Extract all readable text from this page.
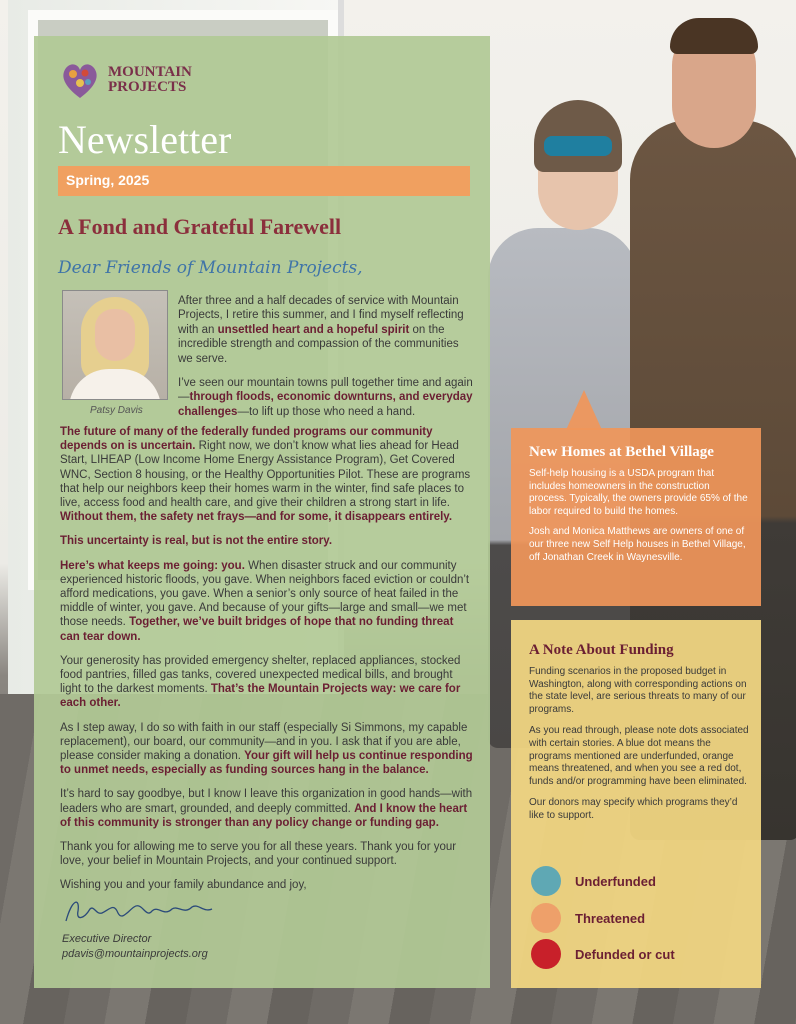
MOUNTAIN
PROJECTS
Newsletter
Spring, 2025
A Fond and Grateful Farewell
Dear Friends of Mountain Projects,
Patsy Davis

After three and a half decades of service with Mountain Projects, I retire this summer, and I find myself reflecting with an unsettled heart and a hopeful spirit on the incredible strength and compassion of the communities we serve.

I’ve seen our mountain towns pull together time and again—through floods, economic downturns, and everyday challenges—to lift up those who need a hand.

The future of many of the federally funded programs our community depends on is uncertain. Right now, we don’t know what lies ahead for Head Start, LIHEAP (Low Income Home Energy Assistance Program), Get Covered WNC, Section 8 housing, or the Healthy Opportunities Pilot. These are programs that help our neighbors keep their homes warm in the winter, find safe places to live, access food and health care, and give their children a strong start in life. Without them, the safety net frays—and for some, it disappears entirely.

This uncertainty is real, but is not the entire story.

Here’s what keeps me going: you. When disaster struck and our community experienced historic floods, you gave. When neighbors faced eviction or couldn’t afford medications, you gave. When a senior’s only source of heat failed in the middle of winter, you gave. And because of your gifts—large and small—we met those needs. Together, we’ve built bridges of hope that no funding threat can tear down.

Your generosity has provided emergency shelter, replaced appliances, stocked food pantries, filled gas tanks, covered unexpected medical bills, and brought light to the darkest moments. That’s the Mountain Projects way: we care for each other.

As I step away, I do so with faith in our staff (especially Si Simmons, my capable replacement), our board, our community—and in you. I ask that if you are able, please consider making a donation. Your gift will help us continue responding to unmet needs, especially as funding sources hang in the balance.

It’s hard to say goodbye, but I know I leave this organization in good hands—with leaders who are smart, grounded, and deeply committed. And I know the heart of this community is stronger than any policy change or funding gap.

Thank you for allowing me to serve you for all these years. Thank you for your love, your belief in Mountain Projects, and your continued support.

Wishing you and your family abundance and joy,

Executive Director
pdavis@mountainprojects.org
New Homes at Bethel Village

Self-help housing is a USDA program that includes homeowners in the construction process. Typically, the owners provide 65% of the labor required to build the homes.

Josh and Monica Matthews are owners of one of our three new Self Help houses in Bethel Village, off Jonathan Creek in Waynesville.

A Note About Funding

Funding scenarios in the proposed budget in Washington, along with corresponding actions on the state level, are serious threats to many of our programs.

As you read through, please note dots associated with certain stories. A blue dot means the programs mentioned are underfunded, orange means threatened, and when you see a red dot, funds and/or programming have been eliminated.

Our donors may specify which programs they’d like to support.

Underfunded
Threatened
Defunded or cut
